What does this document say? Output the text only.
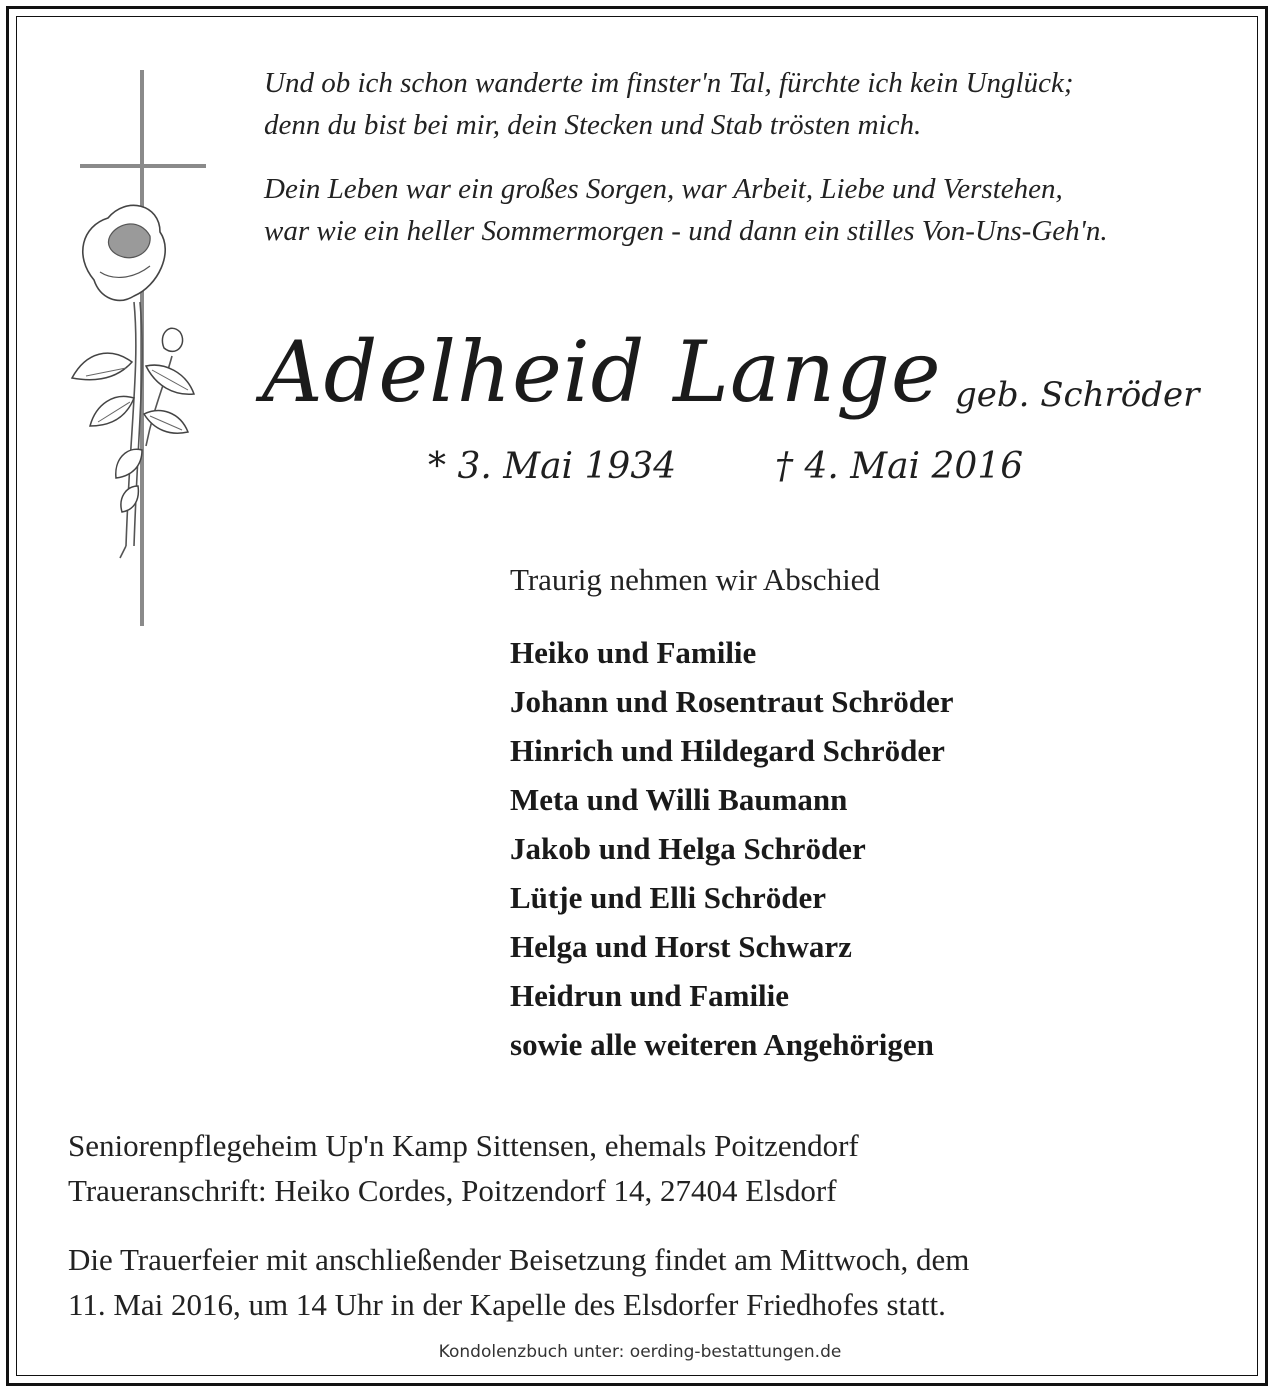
Und ob ich schon wanderte im finster'n Tal, fürchte ich kein Unglück;
denn du bist bei mir, dein Stecken und Stab trösten mich.

Dein Leben war ein großes Sorgen, war Arbeit, Liebe und Verstehen,
war wie ein heller Sommermorgen - und dann ein stilles Von-Uns-Geh'n.

Adelheid Lange geb. Schröder
* 3. Mai 1934	† 4. Mai 2016
Traurig nehmen wir Abschied
Heiko und Familie
Johann und Rosentraut Schröder
Hinrich und Hildegard Schröder
Meta und Willi Baumann
Jakob und Helga Schröder
Lütje und Elli Schröder
Helga und Horst Schwarz
Heidrun und Familie
sowie alle weiteren Angehörigen

Seniorenpflegeheim Up'n Kamp Sittensen, ehemals Poitzendorf
Traueranschrift: Heiko Cordes, Poitzendorf 14, 27404 Elsdorf

Die Trauerfeier mit anschließender Beisetzung findet am Mittwoch, dem
11. Mai 2016, um 14 Uhr in der Kapelle des Elsdorfer Friedhofes statt.

Kondolenzbuch unter: oerding-bestattungen.de
